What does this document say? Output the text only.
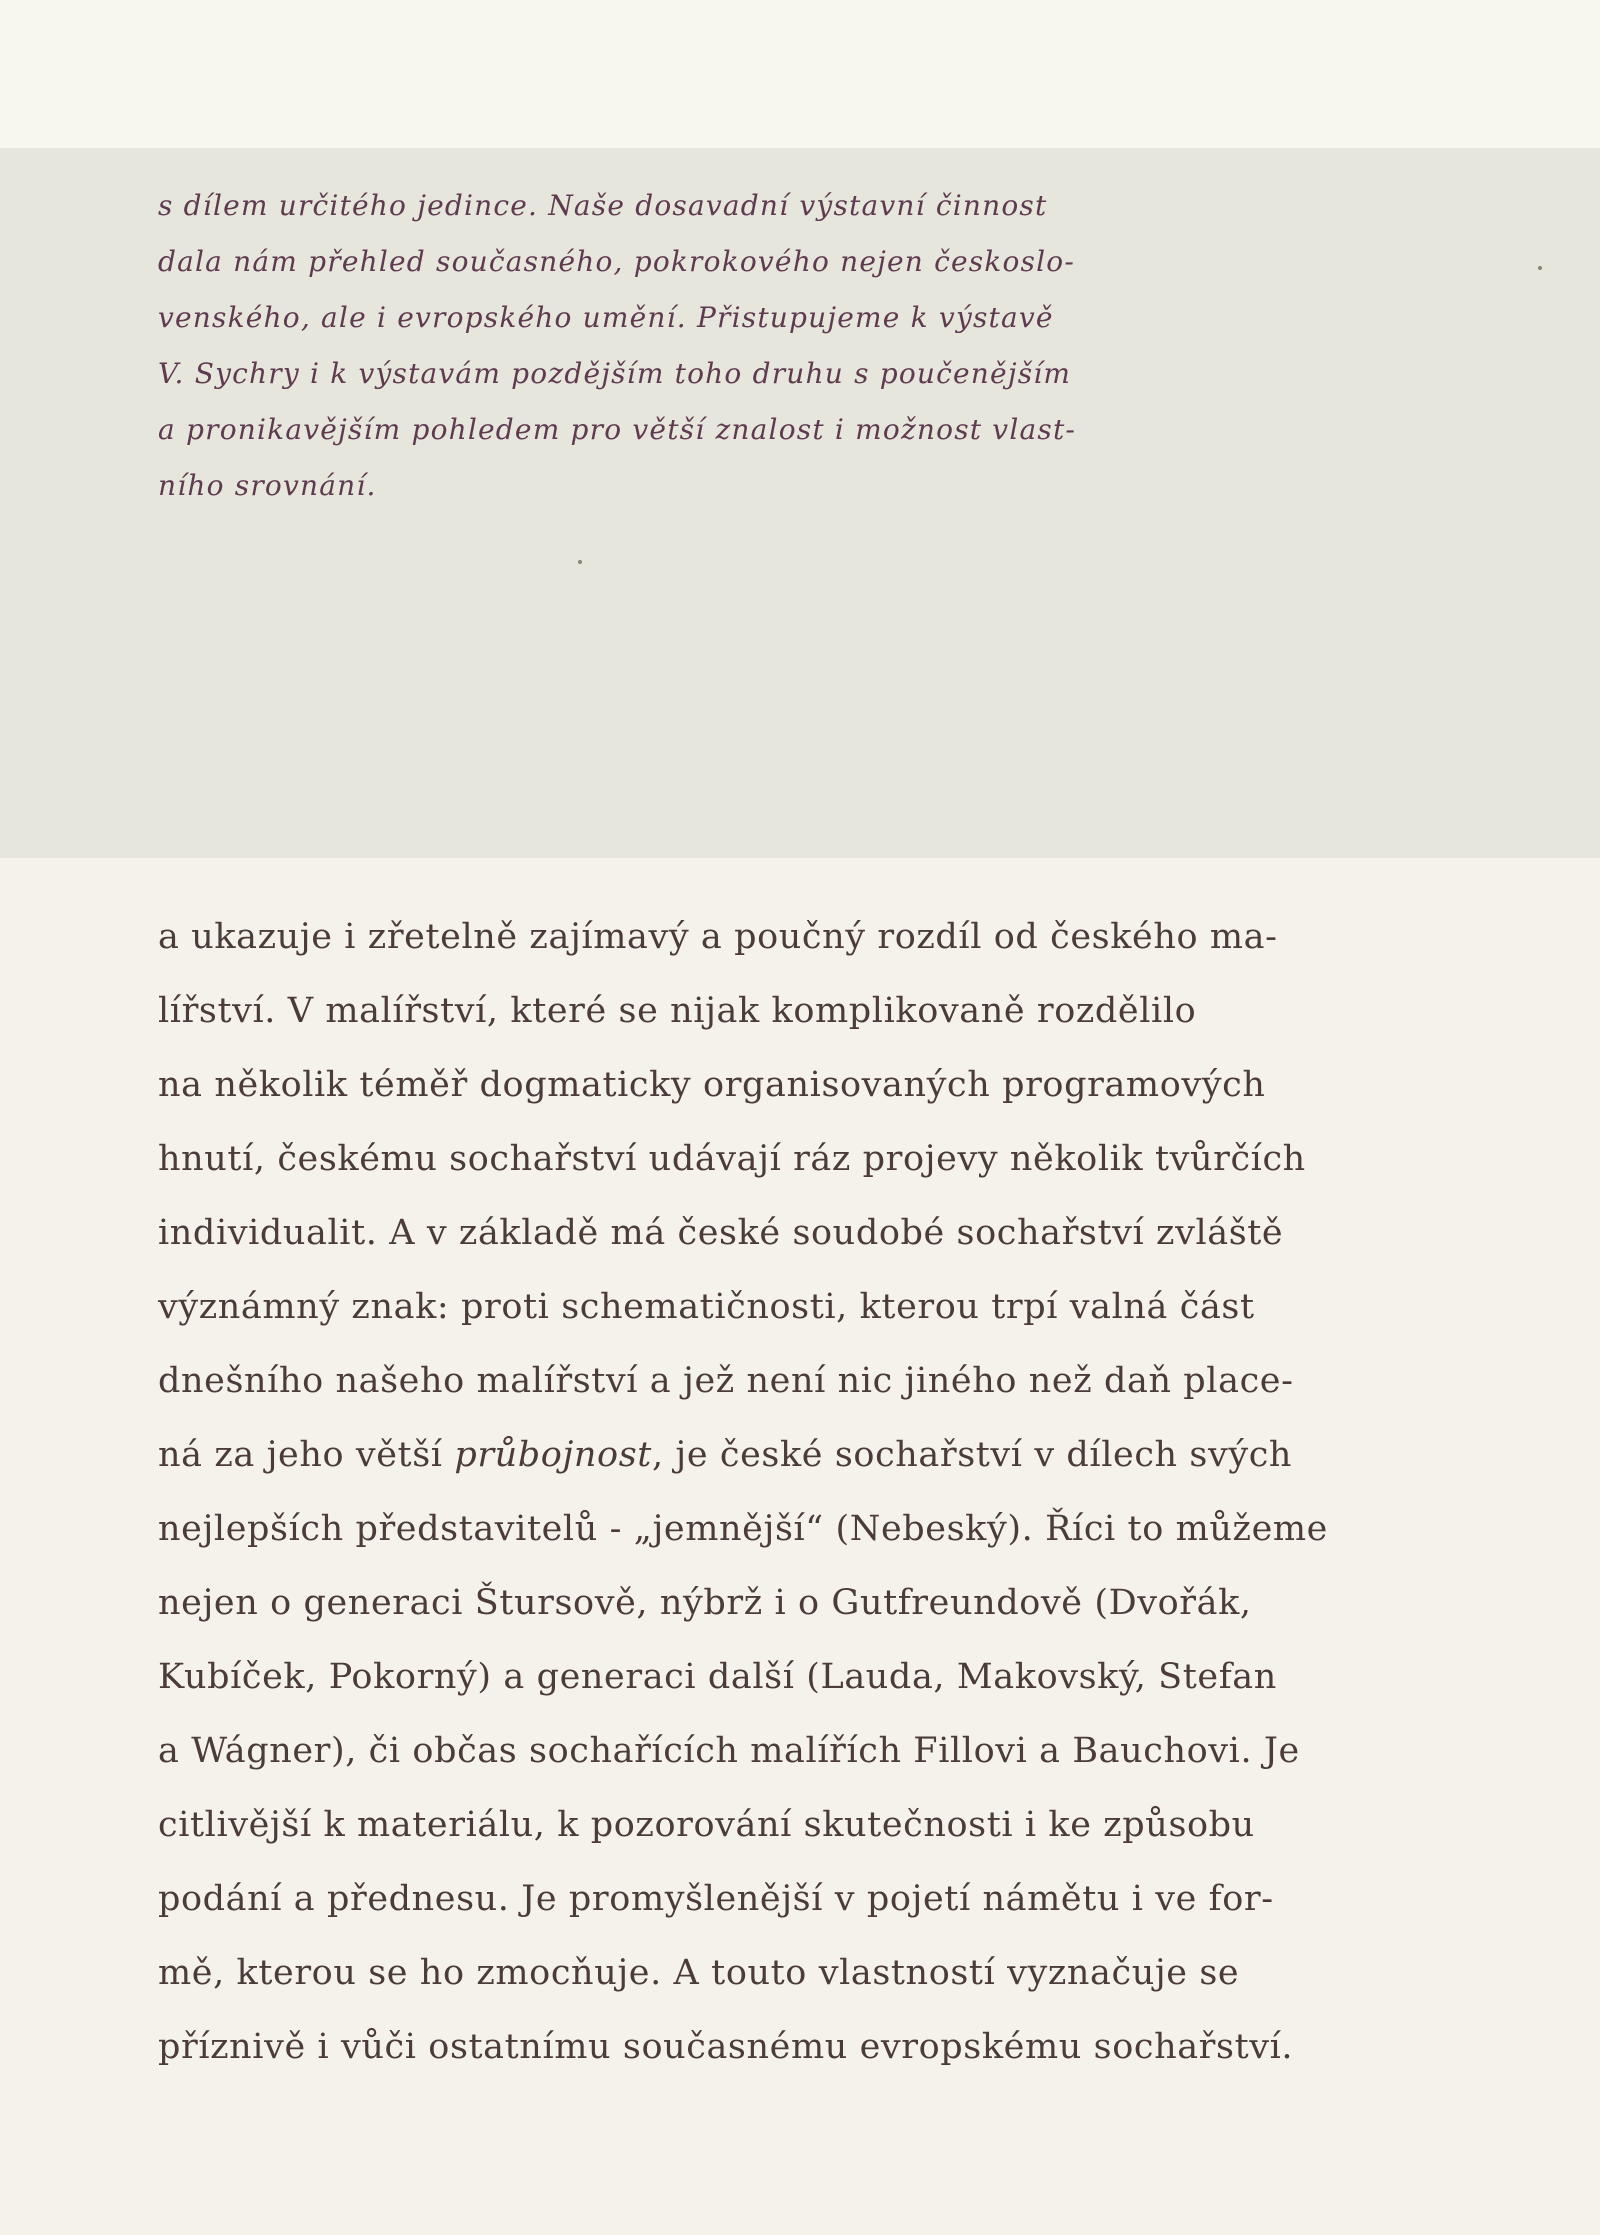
s dílem určitého jedince. Naše dosavadní výstavní činnost
dala nám přehled současného, pokrokového nejen českoslo-
venského, ale i evropského umění. Přistupujeme k výstavě
V. Sychry i k výstavám pozdějším toho druhu s poučenějším
a pronikavějším pohledem pro větší znalost i možnost vlast-
ního srovnání.

a ukazuje i zřetelně zajímavý a poučný rozdíl od českého ma-
lířství. V malířství, které se nijak komplikovaně rozdělilo
na několik téměř dogmaticky organisovaných programových
hnutí, českému sochařství udávají ráz projevy několik tvůrčích
individualit. A v základě má české soudobé sochařství zvláště
význámný znak: proti schematičnosti, kterou trpí valná část
dnešního našeho malířství a jež není nic jiného než daň place-
ná za jeho větší průbojnost, je české sochařství v dílech svých
nejlepších představitelů - „jemnější“ (Nebeský). Říci to můžeme
nejen o generaci Štursově, nýbrž i o Gutfreundově (Dvořák,
Kubíček, Pokorný) a generaci další (Lauda, Makovský, Stefan
a Wágner), či občas sochařících malířích Fillovi a Bauchovi. Je
citlivější k materiálu, k pozorování skutečnosti i ke způsobu
podání a přednesu. Je promyšlenější v pojetí námětu i ve for-
mě, kterou se ho zmocňuje. A touto vlastností vyznačuje se
příznivě i vůči ostatnímu současnému evropskému sochařství.
